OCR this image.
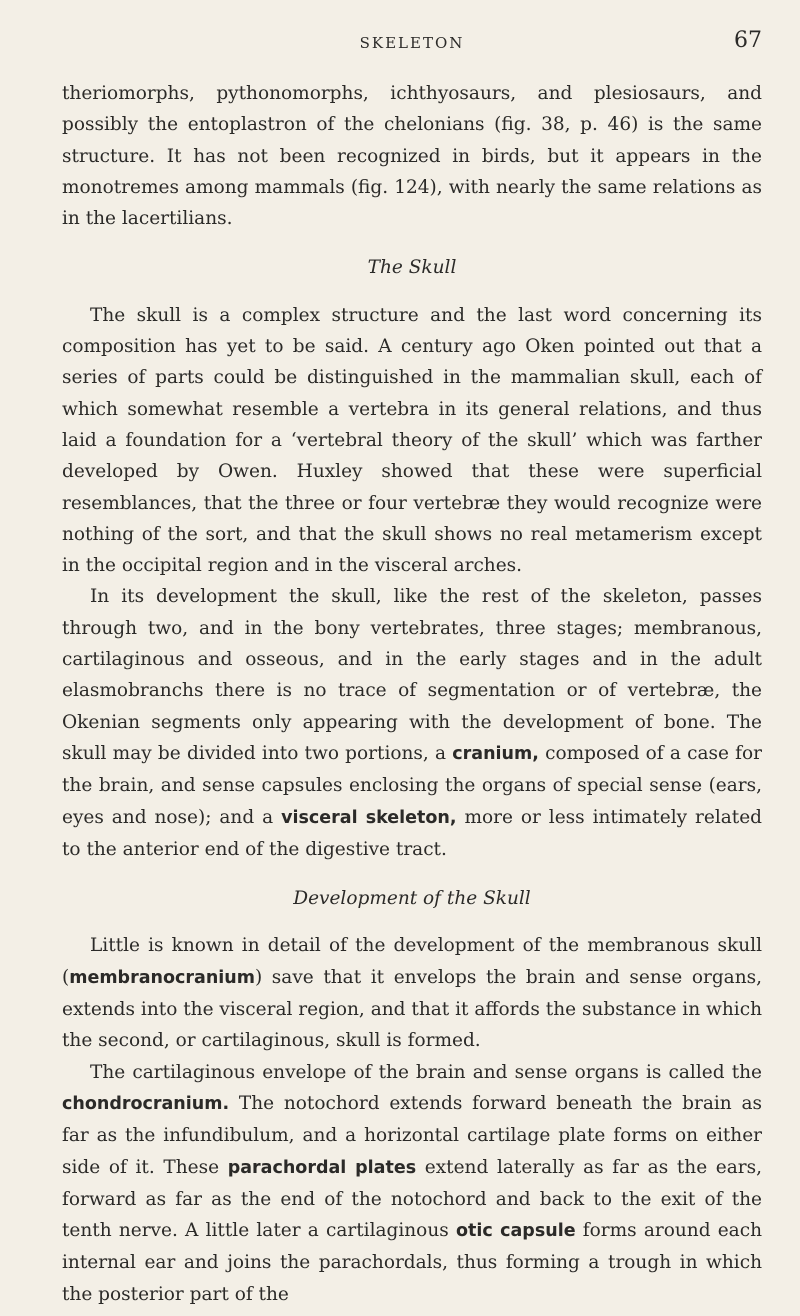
SKELETON	67

theriomorphs, pythonomorphs, ichthyosaurs, and plesiosaurs, and possibly the entoplastron of the chelonians (fig. 38, p. 46) is the same structure. It has not been recognized in birds, but it appears in the monotremes among mammals (fig. 124), with nearly the same relations as in the lacertilians.

The Skull

The skull is a complex structure and the last word concerning its composition has yet to be said. A century ago Oken pointed out that a series of parts could be distinguished in the mammalian skull, each of which somewhat resemble a vertebra in its general relations, and thus laid a foundation for a ‘vertebral theory of the skull’ which was farther developed by Owen. Huxley showed that these were superficial resemblances, that the three or four vertebræ they would recognize were nothing of the sort, and that the skull shows no real metamerism except in the occipital region and in the visceral arches.

In its development the skull, like the rest of the skeleton, passes through two, and in the bony vertebrates, three stages; membranous, cartilaginous and osseous, and in the early stages and in the adult elasmobranchs there is no trace of segmentation or of vertebræ, the Okenian segments only appearing with the development of bone. The skull may be divided into two portions, a cranium, composed of a case for the brain, and sense capsules enclosing the organs of special sense (ears, eyes and nose); and a visceral skeleton, more or less intimately related to the anterior end of the digestive tract.

Development of the Skull

Little is known in detail of the development of the membranous skull (membranocranium) save that it envelops the brain and sense organs, extends into the visceral region, and that it affords the substance in which the second, or cartilaginous, skull is formed.

The cartilaginous envelope of the brain and sense organs is called the chondrocranium. The notochord extends forward beneath the brain as far as the infundibulum, and a horizontal cartilage plate forms on either side of it. These parachordal plates extend laterally as far as the ears, forward as far as the end of the notochord and back to the exit of the tenth nerve. A little later a cartilaginous otic capsule forms around each internal ear and joins the parachordals, thus forming a trough in which the posterior part of the
